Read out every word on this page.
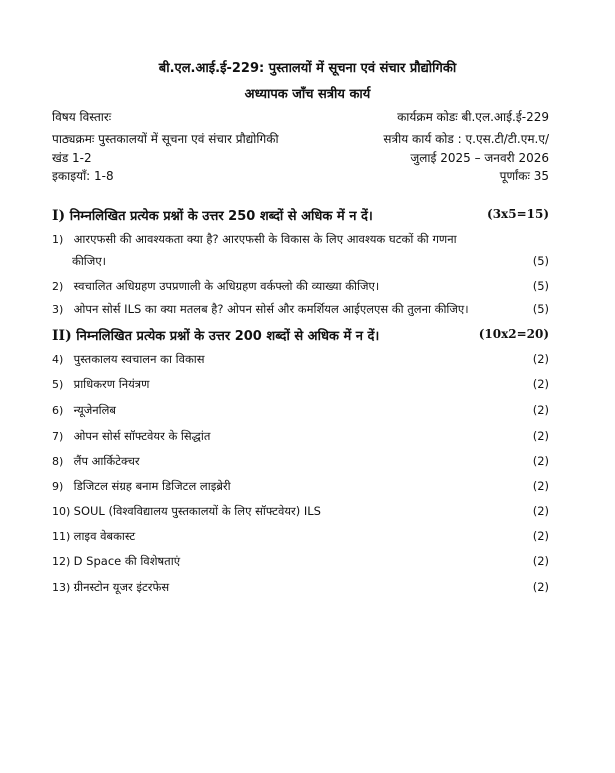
बी.एल.आई.ई-229: पुस्तालयों में सूचना एवं संचार प्रौद्योगिकी
अध्यापक जाँच सत्रीय कार्य
विषय विस्तारः	कार्यक्रम कोडः बी.एल.आई.ई-229
पाठ्यक्रमः पुस्तकालयों में सूचना एवं संचार प्रौद्योगिकी	सत्रीय कार्य कोड : ए.एस.टी/टी.एम.ए/
खंड 1-2	जुलाई 2025 – जनवरी 2026
इकाइयाँ: 1-8	पूर्णांकः 35
I) निम्नलिखित प्रत्येक प्रश्नों के उत्तर 250 शब्दों से अधिक में न दें।	(3x5=15)
1) आरएफसी की आवश्यकता क्या है? आरएफसी के विकास के लिए आवश्यक घटकों की गणना
कीजिए।	(5)
2) स्वचालित अधिग्रहण उपप्रणाली के अधिग्रहण वर्कफ्लो की व्याख्या कीजिए।	(5)
3) ओपन सोर्स ILS का क्या मतलब है? ओपन सोर्स और कमर्शियल आईएलएस की तुलना कीजिए।	(5)
II) निम्नलिखित प्रत्येक प्रश्नों के उत्तर 200 शब्दों से अधिक में न दें।	(10x2=20)
4) पुस्तकालय स्वचालन का विकास	(2)
5) प्राधिकरण नियंत्रण	(2)
6) न्यूजेनलिब	(2)
7) ओपन सोर्स सॉफ्टवेयर के सिद्धांत	(2)
8) लैंप आर्किटेक्चर	(2)
9) डिजिटल संग्रह बनाम डिजिटल लाइब्रेरी	(2)
10) SOUL (विश्वविद्यालय पुस्तकालयों के लिए सॉफ्टवेयर) ILS	(2)
11) लाइव वेबकास्ट	(2)
12) D Space की विशेषताएं	(2)
13) ग्रीनस्टोन यूजर इंटरफेस	(2)
